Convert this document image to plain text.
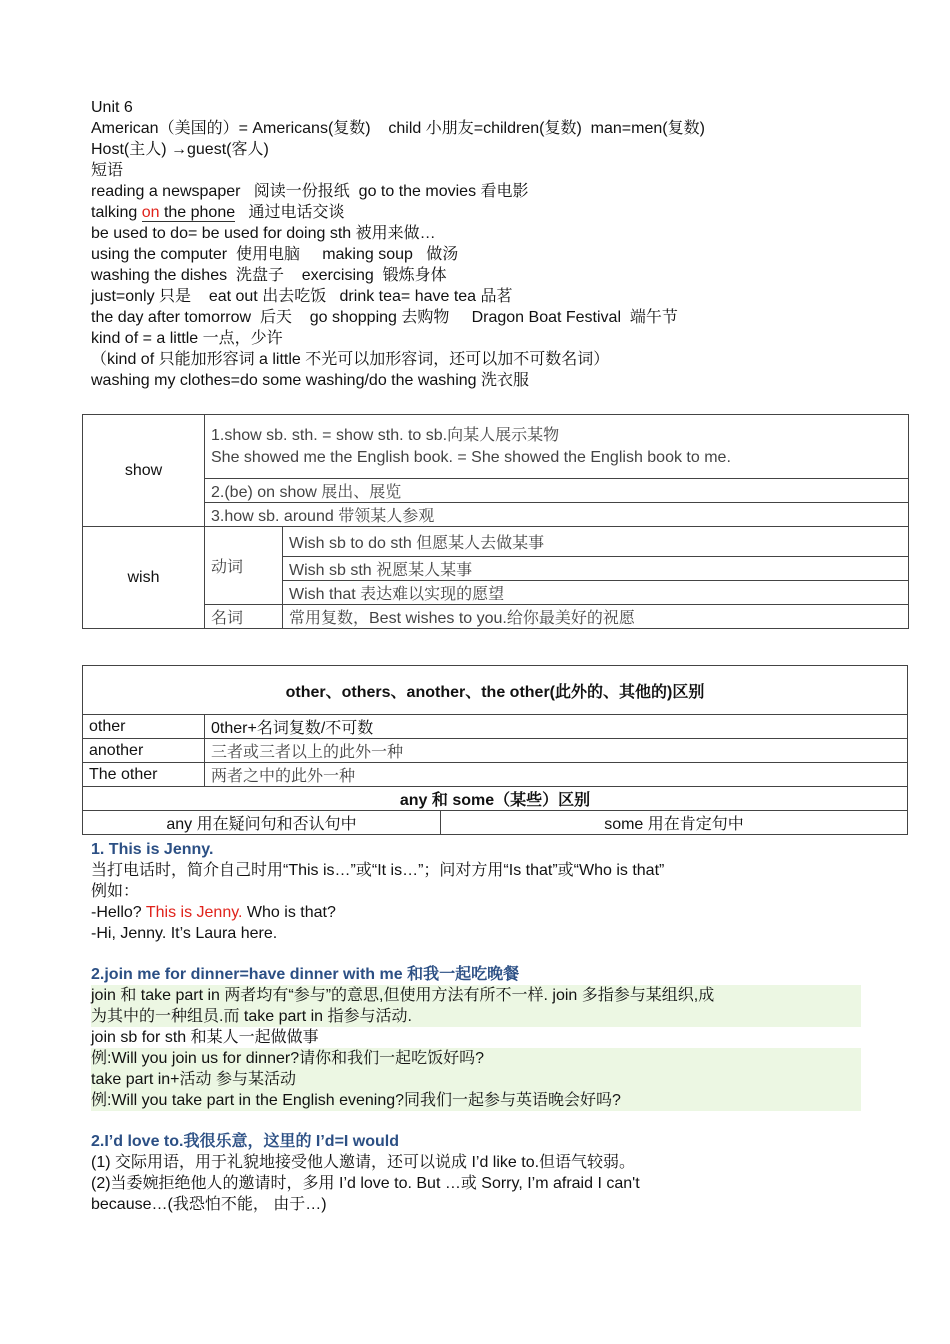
Unit 6
American（美国的）= Americans(复数)    child 小朋友=children(复数)  man=men(复数)
Host(主人) →guest(客人)
短语
reading a newspaper   阅读一份报纸  go to the movies 看电影
talking on the phone   通过电话交谈
be used to do= be used for doing sth 被用来做…
using the computer  使用电脑     making soup   做汤
washing the dishes  洗盘子    exercising  锻炼身体
just=only 只是    eat out 出去吃饭   drink tea= have tea 品茗
the day after tomorrow  后天    go shopping 去购物     Dragon Boat Festival  端午节
kind of = a little 一点，少许
（kind of 只能加形容词 a little 不光可以加形容词，还可以加不可数名词）
washing my clothes=do some washing/do the washing 洗衣服
show	1.show sb. sth. = show sth. to sb.向某人展示某物
She showed me the English book. = She showed the English book to me.	

	2.(be) on show 展出、展览	
	3.how sb. around 带领某人参观	
wish	动词	Wish sb to do sth 但愿某人去做某事
		Wish sb sth 祝愿某人某事
		Wish that 表达难以实现的愿望
	名词	常用复数，Best wishes to you.给你最美好的祝愿
other、others、another、the other(此外的、其他的)区别		
other	0ther+名词复数/不可数	
another	三者或三者以上的此外一种	
The other	两者之中的此外一种	
any 和 some（某些）区别		
any 用在疑问句和否认句中		some 用在肯定句中
1. This is Jenny.
当打电话时，简介自己时用“This is…”或“It is…”；问对方用“Is that”或“Who is that”
例如：
-Hello? This is Jenny. Who is that?
-Hi, Jenny. It’s Laura here.
2.join me for dinner=have dinner with me 和我一起吃晚餐
join 和 take part in 两者均有“参与”的意思,但使用方法有所不一样. join 多指参与某组织,成
为其中的一种组员.而 take part in 指参与活动.
join sb for sth 和某人一起做做事
例:Will you join us for dinner?请你和我们一起吃饭好吗?
take part in+活动 参与某活动
例:Will you take part in the English evening?同我们一起参与英语晚会好吗?
2.I’d love to.我很乐意，这里的 I’d=I would
(1) 交际用语，用于礼貌地接受他人邀请，还可以说成 I’d like to.但语气较弱。
(2)当委婉拒绝他人的邀请时，多用 I’d love to. But …或 Sorry, I’m afraid I can't
because…(我恐怕不能， 由于…)
